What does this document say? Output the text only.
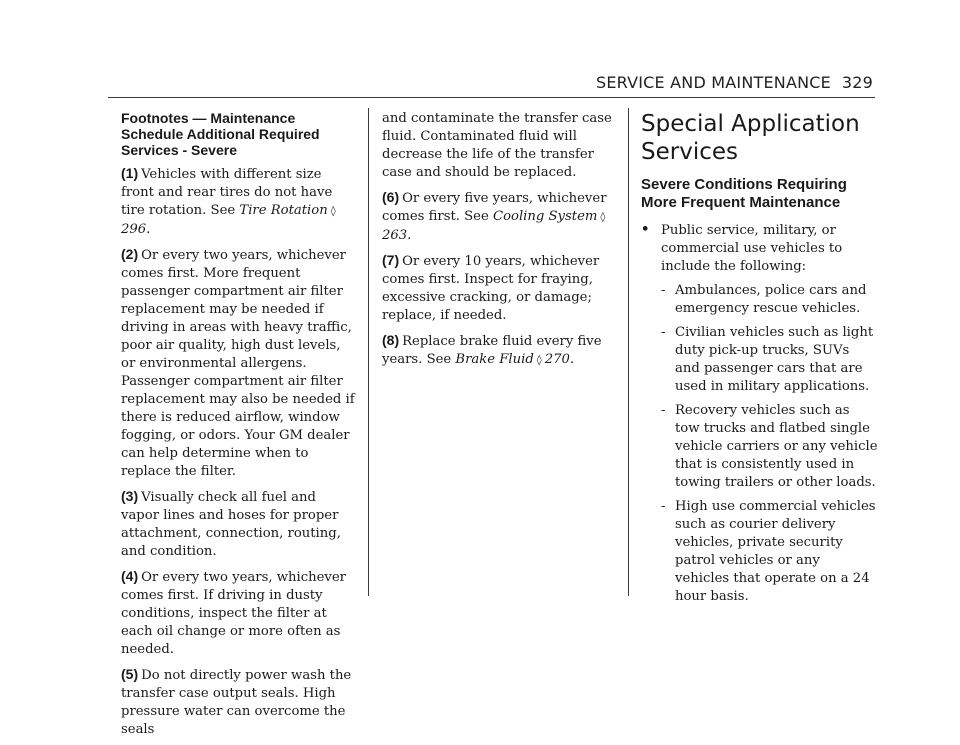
SERVICE AND MAINTENANCE 329
Footnotes — Maintenance Schedule Additional Required Services - Severe

(1) Vehicles with different size front and rear tires do not have tire rotation. See Tire Rotation ◊296.

(2) Or every two years, whichever comes first. More frequent passenger compartment air filter replacement may be needed if driving in areas with heavy traffic, poor air quality, high dust levels, or environmental allergens. Passenger compartment air filter replacement may also be needed if there is reduced airflow, window fogging, or odors. Your GM dealer can help determine when to replace the filter.

(3) Visually check all fuel and vapor lines and hoses for proper attachment, connection, routing, and condition.

(4) Or every two years, whichever comes first. If driving in dusty conditions, inspect the filter at each oil change or more often as needed.

(5) Do not directly power wash the transfer case output seals. High pressure water can overcome the seals

and contaminate the transfer case fluid. Contaminated fluid will decrease the life of the transfer case and should be replaced.

(6) Or every five years, whichever comes first. See Cooling System ◊263.

(7) Or every 10 years, whichever comes first. Inspect for fraying, excessive cracking, or damage; replace, if needed.

(8) Replace brake fluid every five years. See Brake Fluid ◊ 270.

Special Application Services
Severe Conditions Requiring More Frequent Maintenance
• Public service, military, or commercial use vehicles to include the following:
- Ambulances, police cars and emergency rescue vehicles.
- Civilian vehicles such as light duty pick-up trucks, SUVs and passenger cars that are used in military applications.
- Recovery vehicles such as tow trucks and flatbed single vehicle carriers or any vehicle that is consistently used in towing trailers or other loads.
- High use commercial vehicles such as courier delivery vehicles, private security patrol vehicles or any vehicles that operate on a 24 hour basis.
